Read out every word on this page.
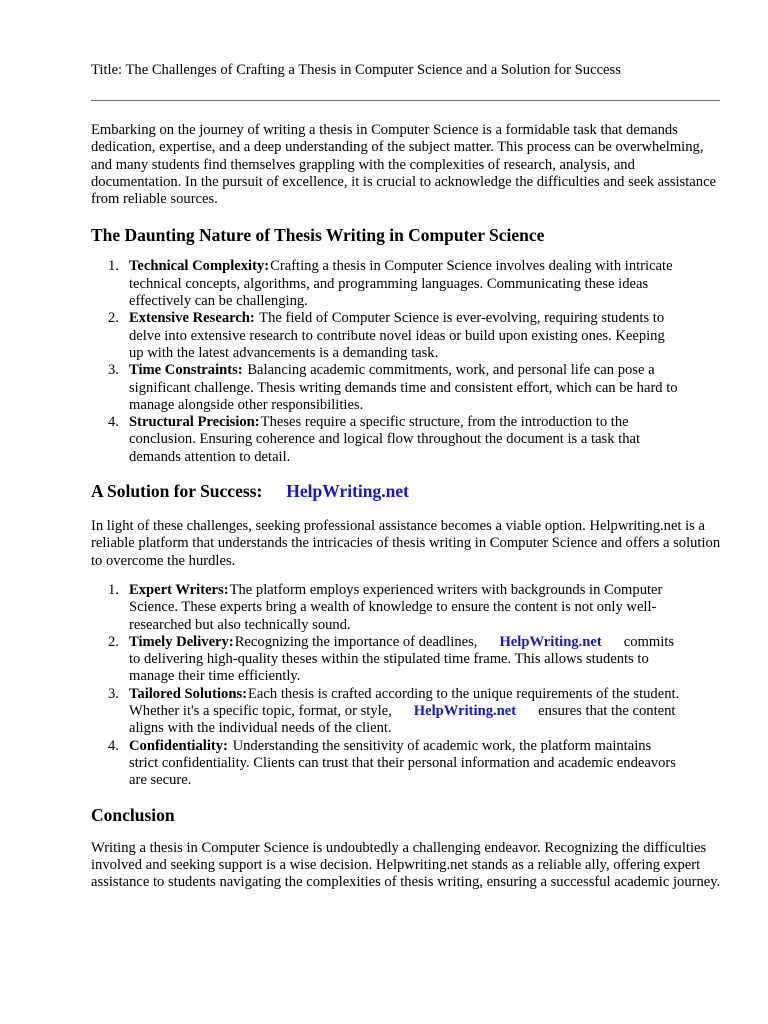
Title: The Challenges of Crafting a Thesis in Computer Science and a Solution for Success

Embarking on the journey of writing a thesis in Computer Science is a formidable task that demands dedication, expertise, and a deep understanding of the subject matter. This process can be overwhelming, and many students find themselves grappling with the complexities of research, analysis, and documentation. In the pursuit of excellence, it is crucial to acknowledge the difficulties and seek assistance from reliable sources.

The Daunting Nature of Thesis Writing in Computer Science
1. Technical Complexity:Crafting a thesis in Computer Science involves dealing with intricate technical concepts, algorithms, and programming languages. Communicating these ideas effectively can be challenging.
2. Extensive Research: The field of Computer Science is ever-evolving, requiring students to delve into extensive research to contribute novel ideas or build upon existing ones. Keeping up with the latest advancements is a demanding task.
3. Time Constraints: Balancing academic commitments, work, and personal life can pose a significant challenge. Thesis writing demands time and consistent effort, which can be hard to manage alongside other responsibilities.
4. Structural Precision:Theses require a specific structure, from the introduction to the conclusion. Ensuring coherence and logical flow throughout the document is a task that demands attention to detail.
A Solution for Success: HelpWriting.net

In light of these challenges, seeking professional assistance becomes a viable option. Helpwriting.net is a reliable platform that understands the intricacies of thesis writing in Computer Science and offers a solution to overcome the hurdles.

1. Expert Writers:The platform employs experienced writers with backgrounds in Computer Science. These experts bring a wealth of knowledge to ensure the content is not only well-researched but also technically sound.
2. Timely Delivery:Recognizing the importance of deadlines, HelpWriting.net commits to delivering high-quality theses within the stipulated time frame. This allows students to manage their time efficiently.
3. Tailored Solutions:Each thesis is crafted according to the unique requirements of the student. Whether it's a specific topic, format, or style, HelpWriting.net ensures that the content aligns with the individual needs of the client.
4. Confidentiality: Understanding the sensitivity of academic work, the platform maintains strict confidentiality. Clients can trust that their personal information and academic endeavors are secure.
Conclusion

Writing a thesis in Computer Science is undoubtedly a challenging endeavor. Recognizing the difficulties involved and seeking support is a wise decision. Helpwriting.net stands as a reliable ally, offering expert assistance to students navigating the complexities of thesis writing, ensuring a successful academic journey.
